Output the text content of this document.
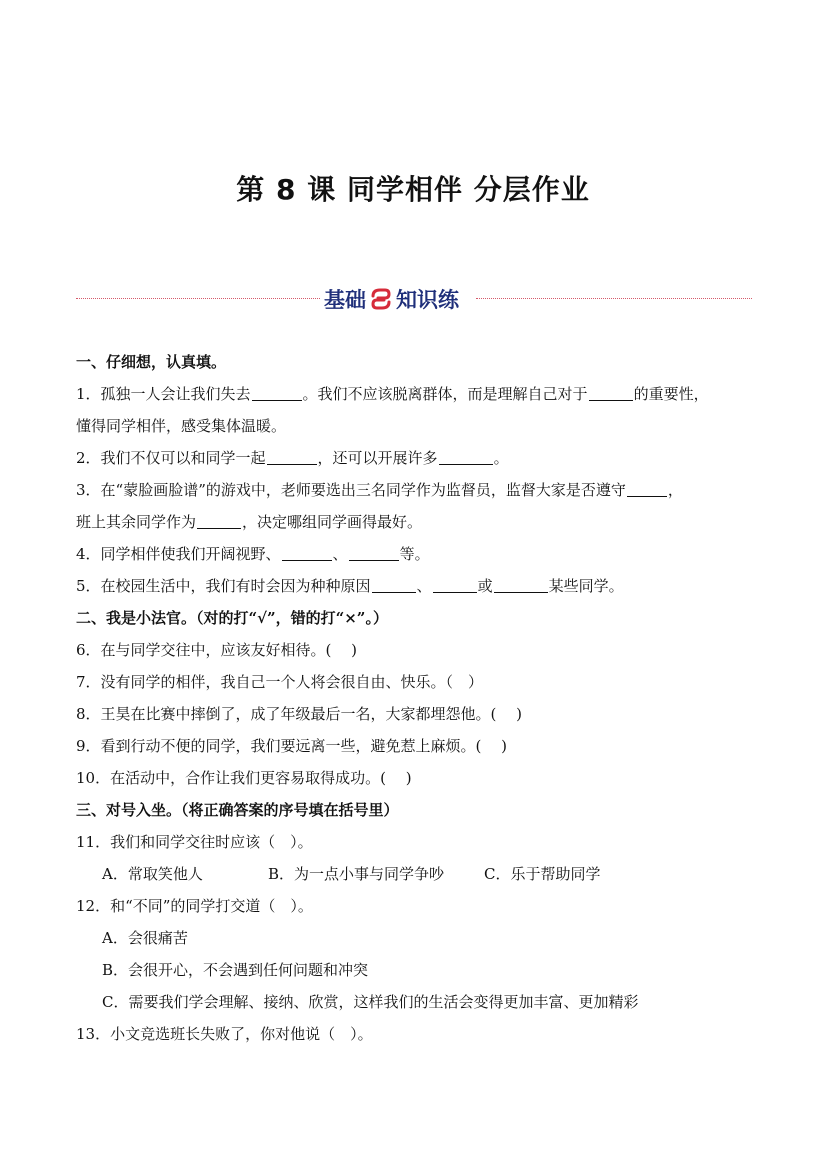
第 8 课 同学相伴 分层作业
基础 知识练
一、仔细想，认真填。
1．孤独一人会让我们失去	。我们不应该脱离群体，而是理解自己对于	的重要性，
懂得同学相伴，感受集体温暖。
2．我们不仅可以和同学一起	，还可以开展许多	。
3．在“蒙脸画脸谱”的游戏中，老师要选出三名同学作为监督员，监督大家是否遵守	，
班上其余同学作为	，决定哪组同学画得最好。
4．同学相伴使我们开阔视野、	、	等。
5．在校园生活中，我们有时会因为种种原因	、	或	某些同学。
二、我是小法官。（对的打“√”，错的打“×”。）
6．在与同学交往中，应该友好相待。(　 )
7．没有同学的相伴，我自己一个人将会很自由、快乐。（　）
8．王昊在比赛中摔倒了，成了年级最后一名，大家都埋怨他。(　 )
9．看到行动不便的同学，我们要远离一些，避免惹上麻烦。(　 )
10．在活动中，合作让我们更容易取得成功。(　 )
三、对号入坐。（将正确答案的序号填在括号里）
11．我们和同学交往时应该（　）。
A．常取笑他人	B．为一点小事与同学争吵	C．乐于帮助同学
12．和“不同”的同学打交道（　）。
A．会很痛苦
B．会很开心，不会遇到任何问题和冲突
C．需要我们学会理解、接纳、欣赏，这样我们的生活会变得更加丰富、更加精彩
13．小文竞选班长失败了，你对他说（　）。
